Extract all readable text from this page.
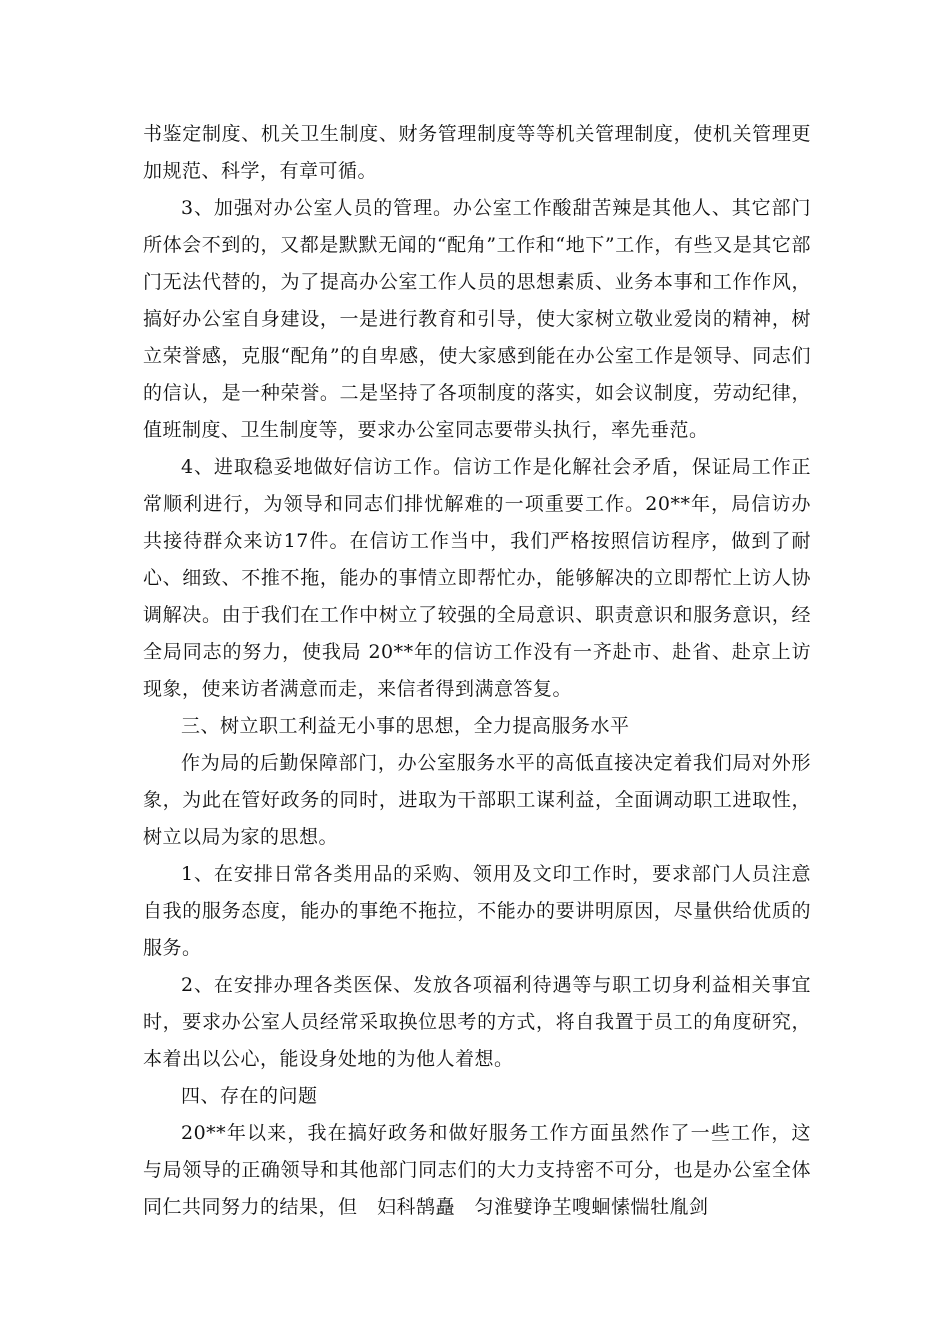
书鉴定制度、机关卫生制度、财务管理制度等等机关管理制度，使机关管理更加规范、科学，有章可循。

3、加强对办公室人员的管理。办公室工作酸甜苦辣是其他人、其它部门所体会不到的，又都是默默无闻的“配角”工作和“地下”工作，有些又是其它部门无法代替的，为了提高办公室工作人员的思想素质、业务本事和工作作风，搞好办公室自身建设，一是进行教育和引导，使大家树立敬业爱岗的精神，树立荣誉感，克服“配角”的自卑感，使大家感到能在办公室工作是领导、同志们的信认，是一种荣誉。二是坚持了各项制度的落实，如会议制度，劳动纪律，值班制度、卫生制度等，要求办公室同志要带头执行，率先垂范。

4、进取稳妥地做好信访工作。信访工作是化解社会矛盾，保证局工作正常顺利进行，为领导和同志们排忧解难的一项重要工作。20**年，局信访办共接待群众来访17件。在信访工作当中，我们严格按照信访程序，做到了耐心、细致、不推不拖，能办的事情立即帮忙办，能够解决的立即帮忙上访人协调解决。由于我们在工作中树立了较强的全局意识、职责意识和服务意识，经全局同志的努力，使我局 20**年的信访工作没有一齐赴市、赴省、赴京上访现象，使来访者满意而走，来信者得到满意答复。

三、树立职工利益无小事的思想，全力提高服务水平

作为局的后勤保障部门，办公室服务水平的高低直接决定着我们局对外形象，为此在管好政务的同时，进取为干部职工谋利益，全面调动职工进取性，树立以局为家的思想。

1、在安排日常各类用品的采购、领用及文印工作时，要求部门人员注意自我的服务态度，能办的事绝不拖拉，不能办的要讲明原因，尽量供给优质的服务。

2、在安排办理各类医保、发放各项福利待遇等与职工切身利益相关事宜时，要求办公室人员经常采取换位思考的方式，将自我置于员工的角度研究，本着出以公心，能设身处地的为他人着想。

四、存在的问题

20**年以来，我在搞好政务和做好服务工作方面虽然作了一些工作，这与局领导的正确领导和其他部门同志们的大力支持密不可分，也是办公室全体同仁共同努力的结果，但　妇科鹄矗　匀淮嬖诤芏嗖蛔愫惴牡胤剑
